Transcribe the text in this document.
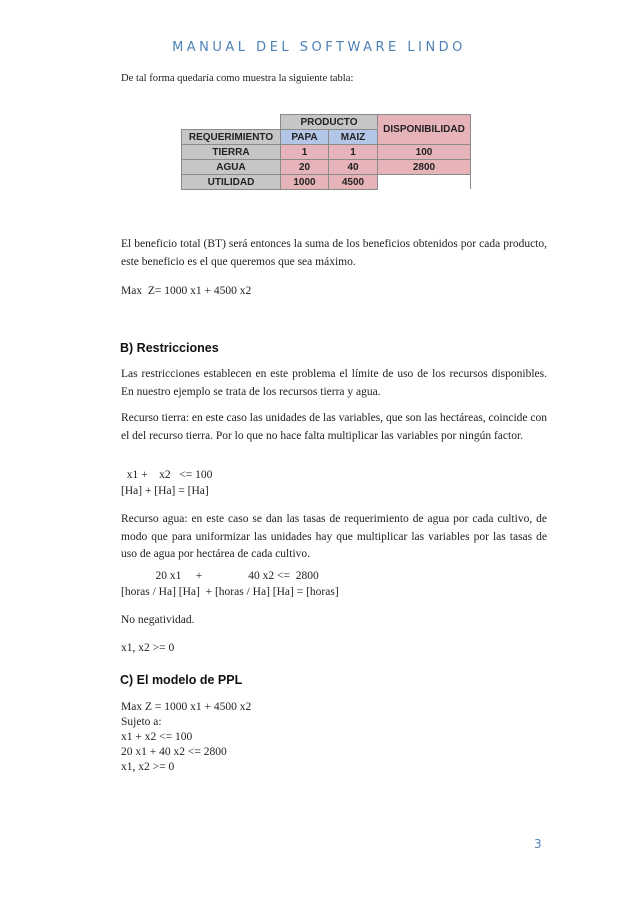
MANUAL DEL SOFTWARE LINDO
De tal forma quedaría como muestra la siguiente tabla:
	PRODUCTO		DISPONIBILIDAD
REQUERIMIENTO	PAPA	MAIZ	
TIERRA	1	1	100
AGUA	20	40	2800
UTILIDAD	1000	4500	
El beneficio total (BT) será entonces la suma de los beneficios obtenidos por cada producto, este beneficio es el que queremos que sea máximo.
Max  Z= 1000 x1 + 4500 x2
B) Restricciones
Las restricciones establecen en este problema el límite de uso de los recursos disponibles. En nuestro ejemplo se trata de los recursos tierra y agua.
Recurso tierra: en este caso las unidades de las variables, que son las hectáreas, coincide con el del recurso tierra. Por lo que no hace falta multiplicar las variables por ningún factor.
x1 +    x2   <= 100
[Ha] + [Ha] = [Ha]
Recurso agua: en este caso se dan las tasas de requerimiento de agua por cada cultivo, de modo que para uniformizar las unidades hay que multiplicar las variables por las tasas de uso de agua por hectárea de cada cultivo.
20 x1     +                40 x2 <=  2800
[horas / Ha] [Ha]  + [horas / Ha] [Ha] = [horas]
No negatividad.
x1, x2 >= 0
C) El modelo de PPL
Max Z = 1000 x1 + 4500 x2
Sujeto a:
x1 + x2 <= 100
20 x1 + 40 x2 <= 2800
x1, x2 >= 0
3
